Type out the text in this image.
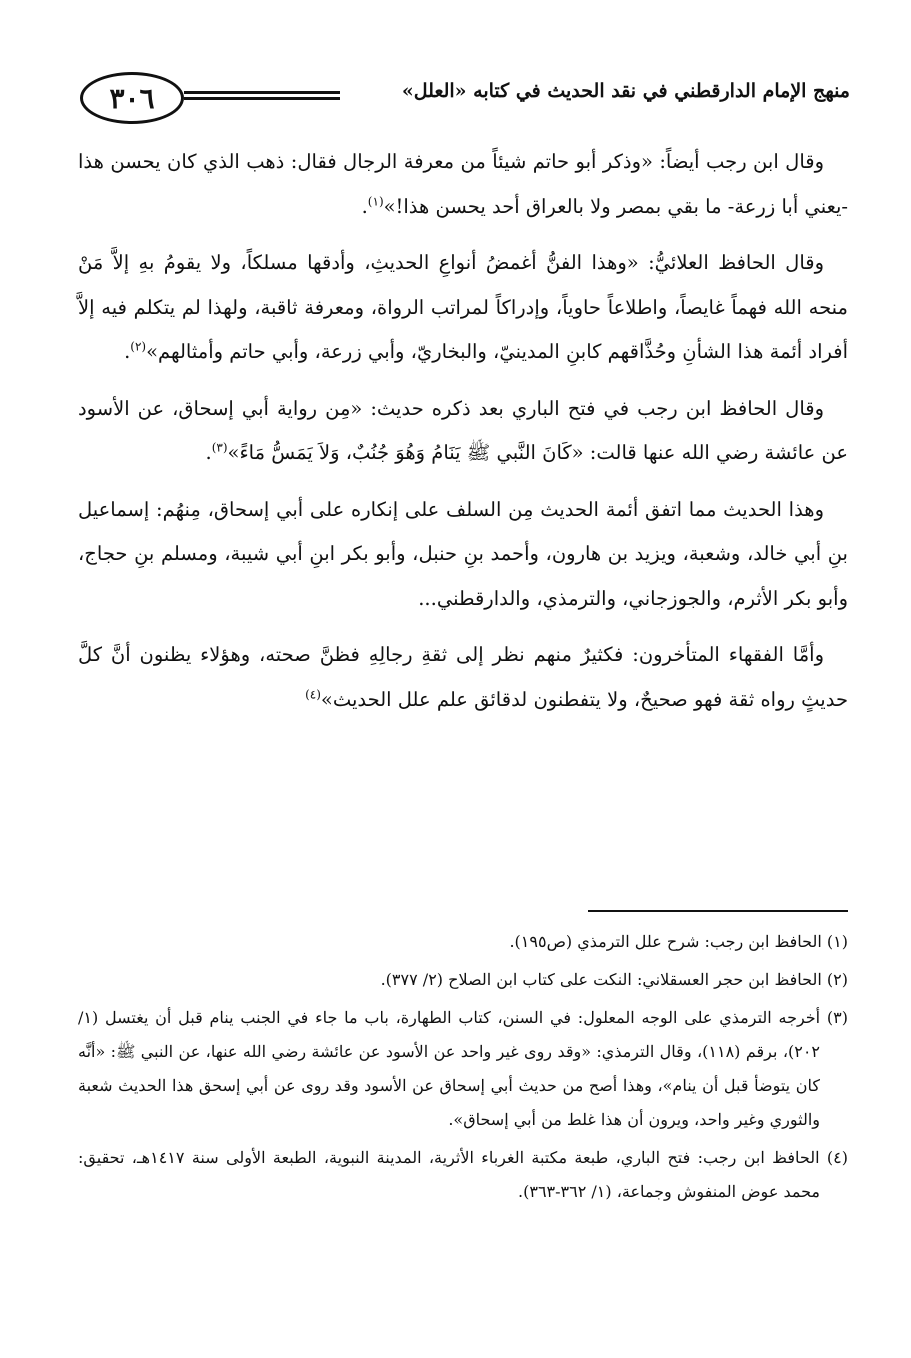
٣٠٦	منهج الإمام الدارقطني في نقد الحديث في كتابه «العلل»

وقال ابن رجب أيضاً: «وذكر أبو حاتم شيئاً من معرفة الرجال فقال: ذهب الذي كان يحسن هذا -يعني أبا زرعة- ما بقي بمصر ولا بالعراق أحد يحسن هذا!»$^{(١)}$.

وقال الحافظ العلائيُّ: «وهذا الفنُّ أغمضُ أنواعِ الحديثِ، وأدقها مسلكاً، ولا يقومُ بهِ إلاَّ مَنْ منحه الله فهماً غايصاً، واطلاعاً حاوياً، وإدراكاً لمراتب الرواة، ومعرفة ثاقبة، ولهذا لم يتكلم فيه إلاَّ أفراد أئمة هذا الشأنِ وحُذَّاقهم كابنِ المدينيّ، والبخاريّ، وأبي زرعة، وأبي حاتم وأمثالهم»$^{(٢)}$.

وقال الحافظ ابن رجب في فتح الباري بعد ذكره حديث: «مِن رواية أبي إسحاق، عن الأسود عن عائشة رضي الله عنها قالت: «كَانَ النَّبي ﷺ يَنَامُ وَهُوَ جُنُبٌ، وَلاَ يَمَسُّ مَاءً»$^{(٣)}$.

وهذا الحديث مما اتفق أئمة الحديث مِن السلف على إنكاره على أبي إسحاق، مِنهُم: إسماعيل بنِ أبي خالد، وشعبة، ويزيد بن هارون، وأحمد بنِ حنبل، وأبو بكر ابنِ أبي شيبة، ومسلم بنِ حجاج، وأبو بكر الأثرم، والجوزجاني، والترمذي، والدارقطني...

وأمَّا الفقهاء المتأخرون: فكثيرٌ منهم نظر إلى ثقةِ رجالِهِ فظنَّ صحته، وهؤلاء يظنون أنَّ كلَّ حديثٍ رواه ثقة فهو صحيحٌ، ولا يتفطنون لدقائق علم علل الحديث»$^{(٤)}$

(١) الحافظ ابن رجب: شرح علل الترمذي (ص١٩٥).

(٢) الحافظ ابن حجر العسقلاني: النكت على كتاب ابن الصلاح (٢/ ٣٧٧).

(٣) أخرجه الترمذي على الوجه المعلول: في السنن، كتاب الطهارة، باب ما جاء في الجنب ينام قبل أن يغتسل (١/ ٢٠٢)، برقم (١١٨)، وقال الترمذي: «وقد روى غير واحد عن الأسود عن عائشة رضي الله عنها، عن النبي ﷺ: «أنَّه كان يتوضأ قبل أن ينام»، وهذا أصح من حديث أبي إسحاق عن الأسود وقد روى عن أبي إسحق هذا الحديث شعبة والثوري وغير واحد، ويرون أن هذا غلط من أبي إسحاق».

(٤) الحافظ ابن رجب: فتح الباري، طبعة مكتبة الغرباء الأثرية، المدينة النبوية، الطبعة الأولى سنة ١٤١٧هـ، تحقيق: محمد عوض المنفوش وجماعة، (١/ ٣٦٢-٣٦٣).
